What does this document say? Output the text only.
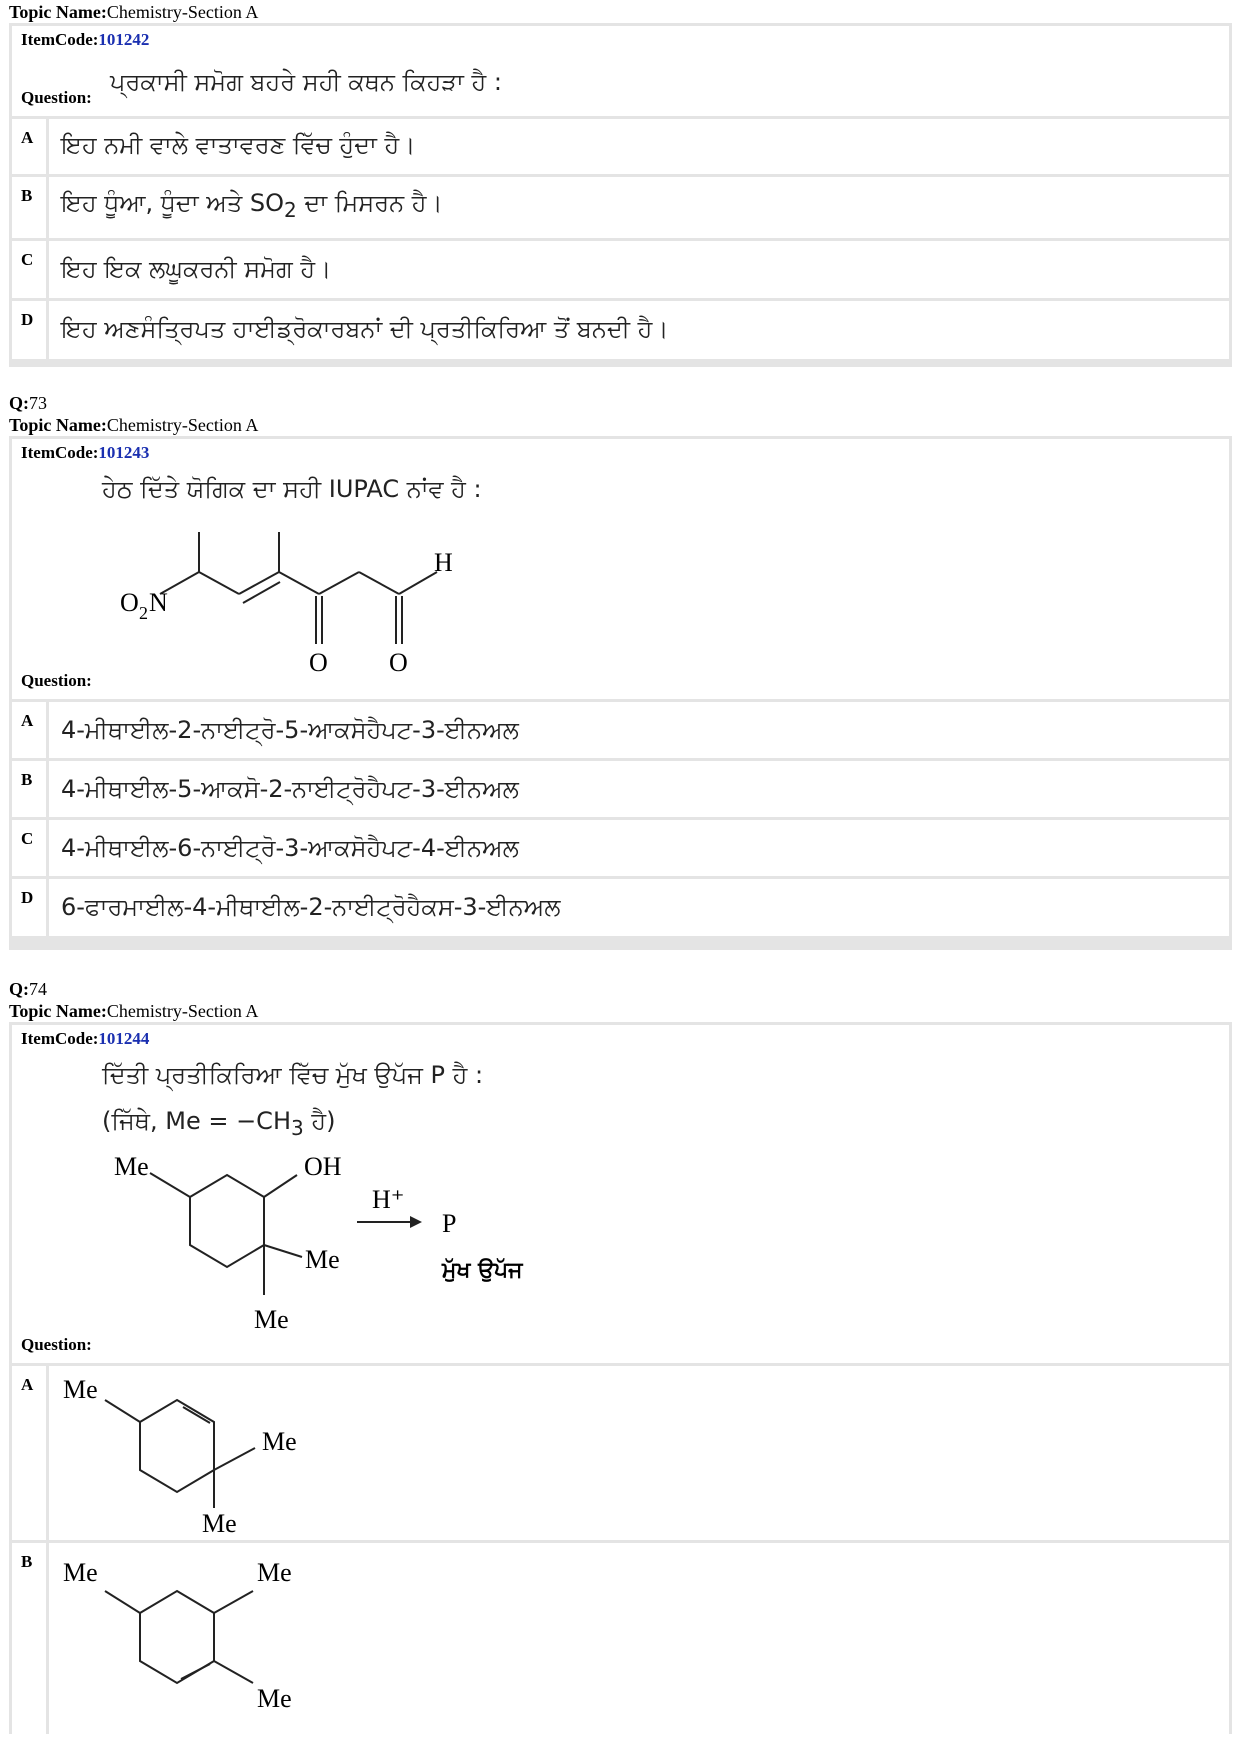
Topic Name:Chemistry-Section A
ItemCode:101242
Question:
ਪ੍ਰਕਾਸੀ ਸਮੋਗ ਬਹਰੇ ਸਹੀ ਕਥਨ ਕਿਹੜਾ ਹੈ :
A	ਇਹ ਨਮੀ ਵਾਲੇ ਵਾਤਾਵਰਣ ਵਿੱਚ ਹੁੰਦਾ ਹੈ।
B	ਇਹ ਧੂੰਆ, ਧੂੰਦਾ ਅਤੇ $SO_2$ ਦਾ ਮਿਸਰਨ ਹੈ।
C	ਇਹ ਇਕ ਲਘੂਕਰਨੀ ਸਮੋਗ ਹੈ।
D	ਇਹ ਅਣਸੰਤ੍ਰਿਪਤ ਹਾਈਡ੍ਰੋਕਾਰਬਨਾਂ ਦੀ ਪ੍ਰਤੀਕਿਰਿਆ ਤੋਂ ਬਨਦੀ ਹੈ।
Q:73
Topic Name:Chemistry-Section A
ItemCode:101243
ਹੇਠ ਦਿੱਤੇ ਯੋਗਿਕ ਦਾ ਸਹੀ IUPAC ਨਾਂਵ ਹੈ :
Question:
O 2 N
H
O O
A	4-ਮੀਥਾਈਲ-2-ਨਾਈਟ੍ਰੋ-5-ਆਕਸੋਹੈਪਟ-3-ਈਨਅਲ
B	4-ਮੀਥਾਈਲ-5-ਆਕਸੋ-2-ਨਾਈਟ੍ਰੋਹੈਪਟ-3-ਈਨਅਲ
C	4-ਮੀਥਾਈਲ-6-ਨਾਈਟ੍ਰੋ-3-ਆਕਸੋਹੈਪਟ-4-ਈਨਅਲ
D	6-ਫਾਰਮਾਈਲ-4-ਮੀਥਾਈਲ-2-ਨਾਈਟ੍ਰੋਹੈਕਸ-3-ਈਨਅਲ
Q:74
Topic Name:Chemistry-Section A
ItemCode:101244
ਦਿੱਤੀ ਪ੍ਰਤੀਕਿਰਿਆ ਵਿੱਚ ਮੁੱਖ ਉਪੱਜ P ਹੈ :
(ਜਿੱਥੇ, $Me = -CH_3$ ਹੈ)
Question:
Me	OH
Me
Me
H⁺
P
ਮੁੱਖ ਉਪੱਜ
A	Me
Me
Me
B	Me	Me
Me
